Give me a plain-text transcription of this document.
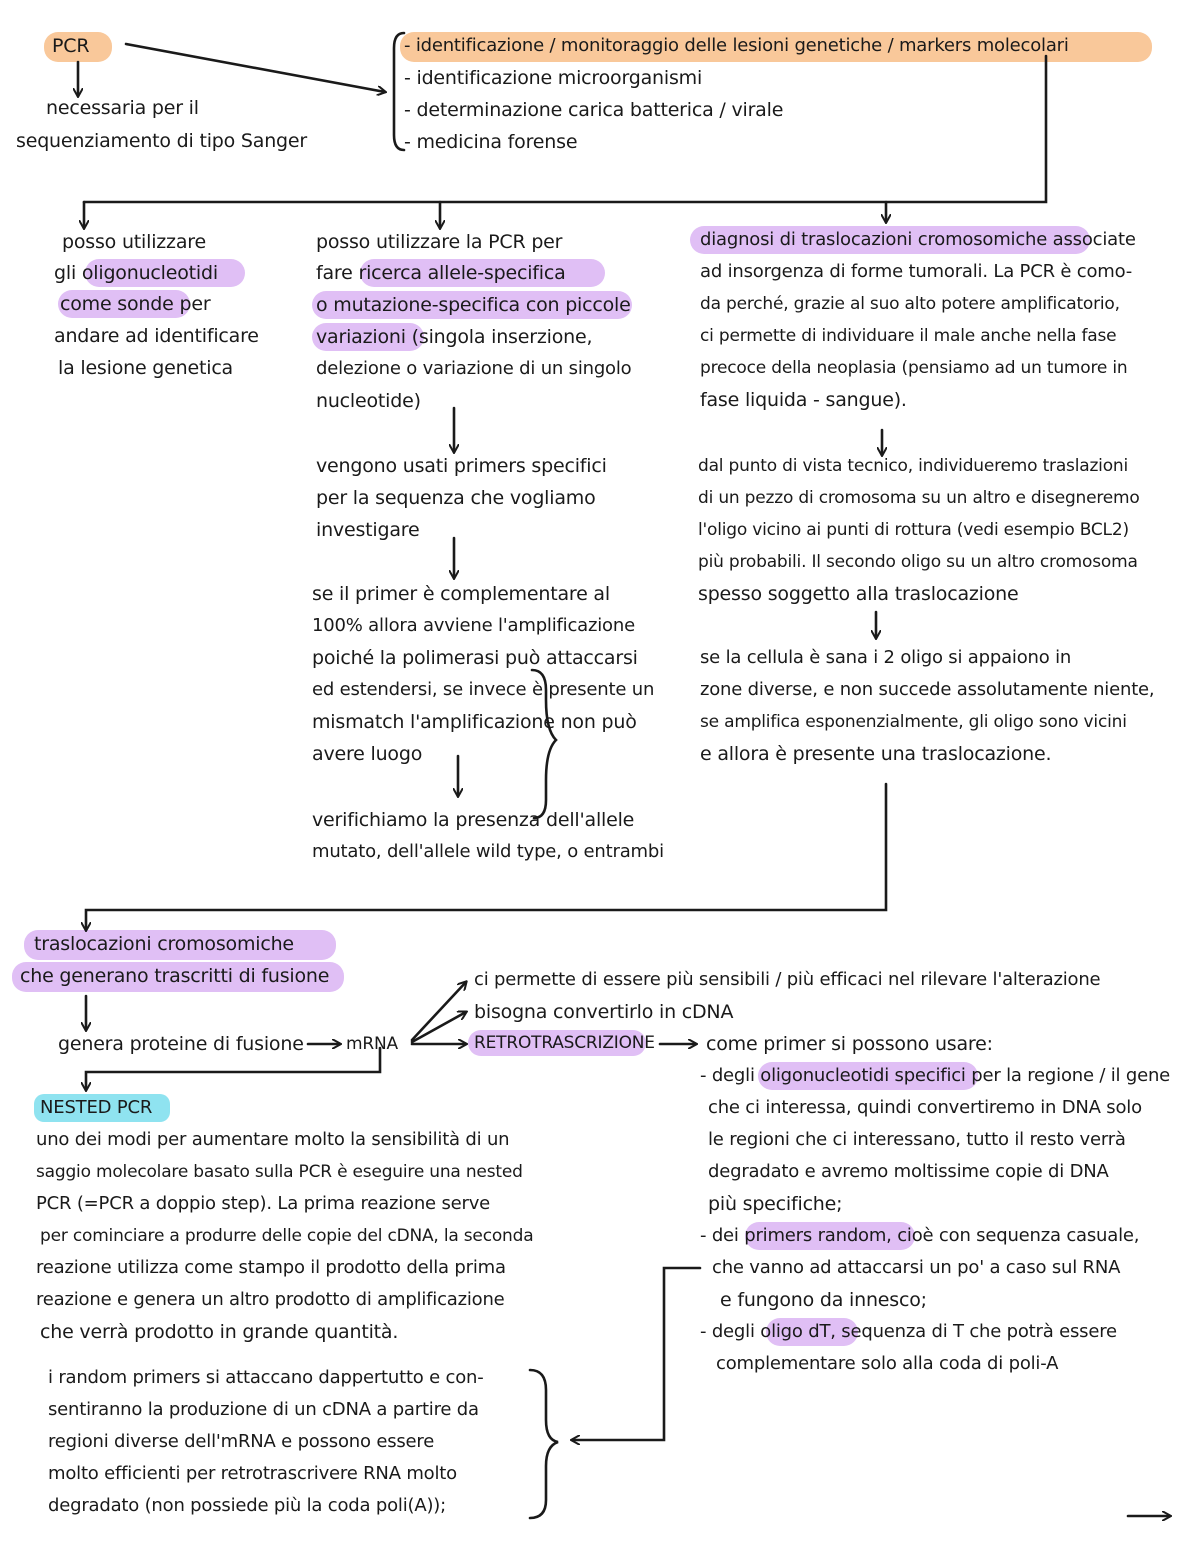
PCR
necessaria per il
sequenziamento di tipo Sanger
- identificazione / monitoraggio delle lesioni genetiche / markers molecolari
- identificazione microorganismi
- determinazione carica batterica / virale
- medicina forense
posso utilizzare
gli oligonucleotidi
come sonde per
andare ad identificare
la lesione genetica
posso utilizzare la PCR per
fare ricerca allele-specifica
o mutazione-specifica con piccole
variazioni (singola inserzione,
delezione o variazione di un singolo
nucleotide)
vengono usati primers specifici
per la sequenza che vogliamo
investigare
se il primer è complementare al
100% allora avviene l'amplificazione
poiché la polimerasi può attaccarsi
ed estendersi, se invece è presente un
mismatch l'amplificazione non può
avere luogo
verifichiamo la presenza dell'allele
mutato, dell'allele wild type, o entrambi
diagnosi di traslocazioni cromosomiche associate
ad insorgenza di forme tumorali. La PCR è como-
da perché, grazie al suo alto potere amplificatorio,
ci permette di individuare il male anche nella fase
precoce della neoplasia (pensiamo ad un tumore in
fase liquida - sangue).
dal punto di vista tecnico, individueremo traslazioni
di un pezzo di cromosoma su un altro e disegneremo
l'oligo vicino ai punti di rottura (vedi esempio BCL2)
più probabili. Il secondo oligo su un altro cromosoma
spesso soggetto alla traslocazione
se la cellula è sana i 2 oligo si appaiono in
zone diverse, e non succede assolutamente niente,
se amplifica esponenzialmente, gli oligo sono vicini
e allora è presente una traslocazione.
traslocazioni cromosomiche
che generano trascritti di fusione
genera proteine di fusione mRNA
ci permette di essere più sensibili / più efficaci nel rilevare l'alterazione
bisogna convertirlo in cDNA
RETROTRASCRIZIONE	come primer si possono usare:
- degli oligonucleotidi specifici per la regione / il gene
che ci interessa, quindi convertiremo in DNA solo
le regioni che ci interessano, tutto il resto verrà
degradato e avremo moltissime copie di DNA
più specifiche;
- dei primers random, cioè con sequenza casuale,
che vanno ad attaccarsi un po' a caso sul RNA
e fungono da innesco;
- degli oligo dT, sequenza di T che potrà essere
complementare solo alla coda di poli-A
NESTED PCR
uno dei modi per aumentare molto la sensibilità di un
saggio molecolare basato sulla PCR è eseguire una nested
PCR (=PCR a doppio step). La prima reazione serve
per cominciare a produrre delle copie del cDNA, la seconda
reazione utilizza come stampo il prodotto della prima
reazione e genera un altro prodotto di amplificazione
che verrà prodotto in grande quantità.
i random primers si attaccano dappertutto e con-
sentiranno la produzione di un cDNA a partire da
regioni diverse dell'mRNA e possono essere
molto efficienti per retrotrascrivere RNA molto
degradato (non possiede più la coda poli(A));
